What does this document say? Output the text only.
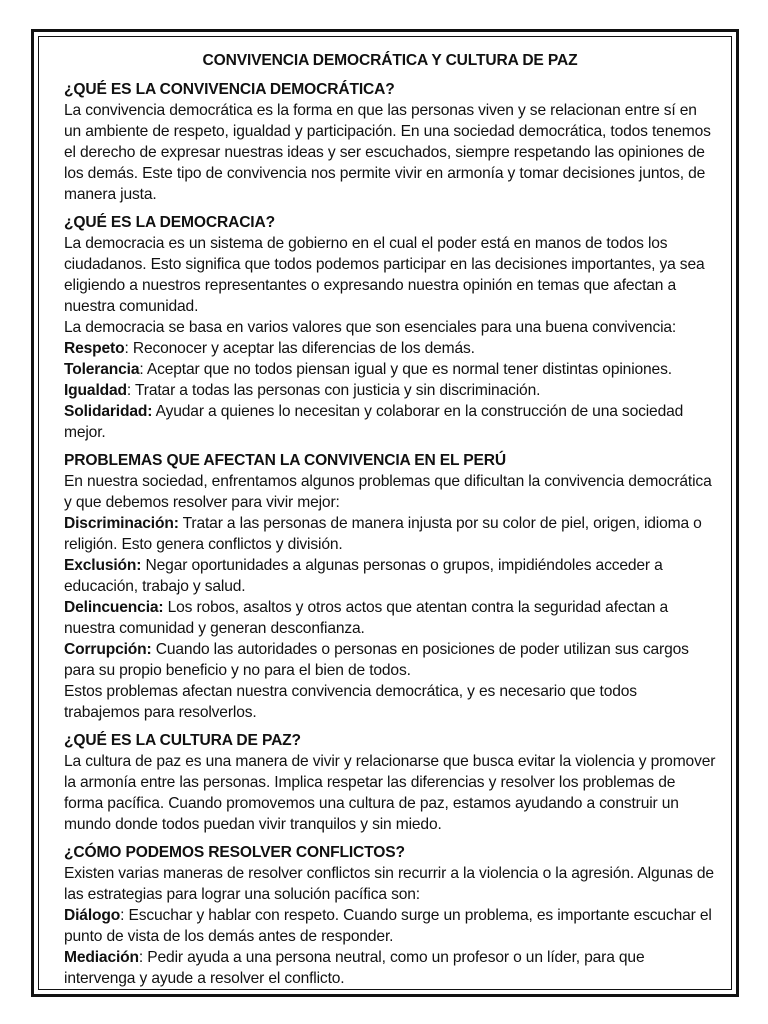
CONVIVENCIA DEMOCRÁTICA Y CULTURA DE PAZ
¿QUÉ ES LA CONVIVENCIA DEMOCRÁTICA?

La convivencia democrática es la forma en que las personas viven y se relacionan entre sí en un ambiente de respeto, igualdad y participación. En una sociedad democrática, todos tenemos el derecho de expresar nuestras ideas y ser escuchados, siempre respetando las opiniones de los demás. Este tipo de convivencia nos permite vivir en armonía y tomar decisiones juntos, de manera justa.

¿QUÉ ES LA DEMOCRACIA?

La democracia es un sistema de gobierno en el cual el poder está en manos de todos los ciudadanos. Esto significa que todos podemos participar en las decisiones importantes, ya sea eligiendo a nuestros representantes o expresando nuestra opinión en temas que afectan a nuestra comunidad.

La democracia se basa en varios valores que son esenciales para una buena convivencia:

Respeto: Reconocer y aceptar las diferencias de los demás.

Tolerancia: Aceptar que no todos piensan igual y que es normal tener distintas opiniones.

Igualdad: Tratar a todas las personas con justicia y sin discriminación.

Solidaridad: Ayudar a quienes lo necesitan y colaborar en la construcción de una sociedad mejor.

PROBLEMAS QUE AFECTAN LA CONVIVENCIA EN EL PERÚ

En nuestra sociedad, enfrentamos algunos problemas que dificultan la convivencia democrática y que debemos resolver para vivir mejor:

Discriminación: Tratar a las personas de manera injusta por su color de piel, origen, idioma o religión. Esto genera conflictos y división.

Exclusión: Negar oportunidades a algunas personas o grupos, impidiéndoles acceder a educación, trabajo y salud.

Delincuencia: Los robos, asaltos y otros actos que atentan contra la seguridad afectan a nuestra comunidad y generan desconfianza.

Corrupción: Cuando las autoridades o personas en posiciones de poder utilizan sus cargos para su propio beneficio y no para el bien de todos.

Estos problemas afectan nuestra convivencia democrática, y es necesario que todos trabajemos para resolverlos.

¿QUÉ ES LA CULTURA DE PAZ?

La cultura de paz es una manera de vivir y relacionarse que busca evitar la violencia y promover la armonía entre las personas. Implica respetar las diferencias y resolver los problemas de forma pacífica. Cuando promovemos una cultura de paz, estamos ayudando a construir un mundo donde todos puedan vivir tranquilos y sin miedo.

¿CÓMO PODEMOS RESOLVER CONFLICTOS?

Existen varias maneras de resolver conflictos sin recurrir a la violencia o la agresión. Algunas de las estrategias para lograr una solución pacífica son:

Diálogo: Escuchar y hablar con respeto. Cuando surge un problema, es importante escuchar el punto de vista de los demás antes de responder.

Mediación: Pedir ayuda a una persona neutral, como un profesor o un líder, para que intervenga y ayude a resolver el conflicto.
